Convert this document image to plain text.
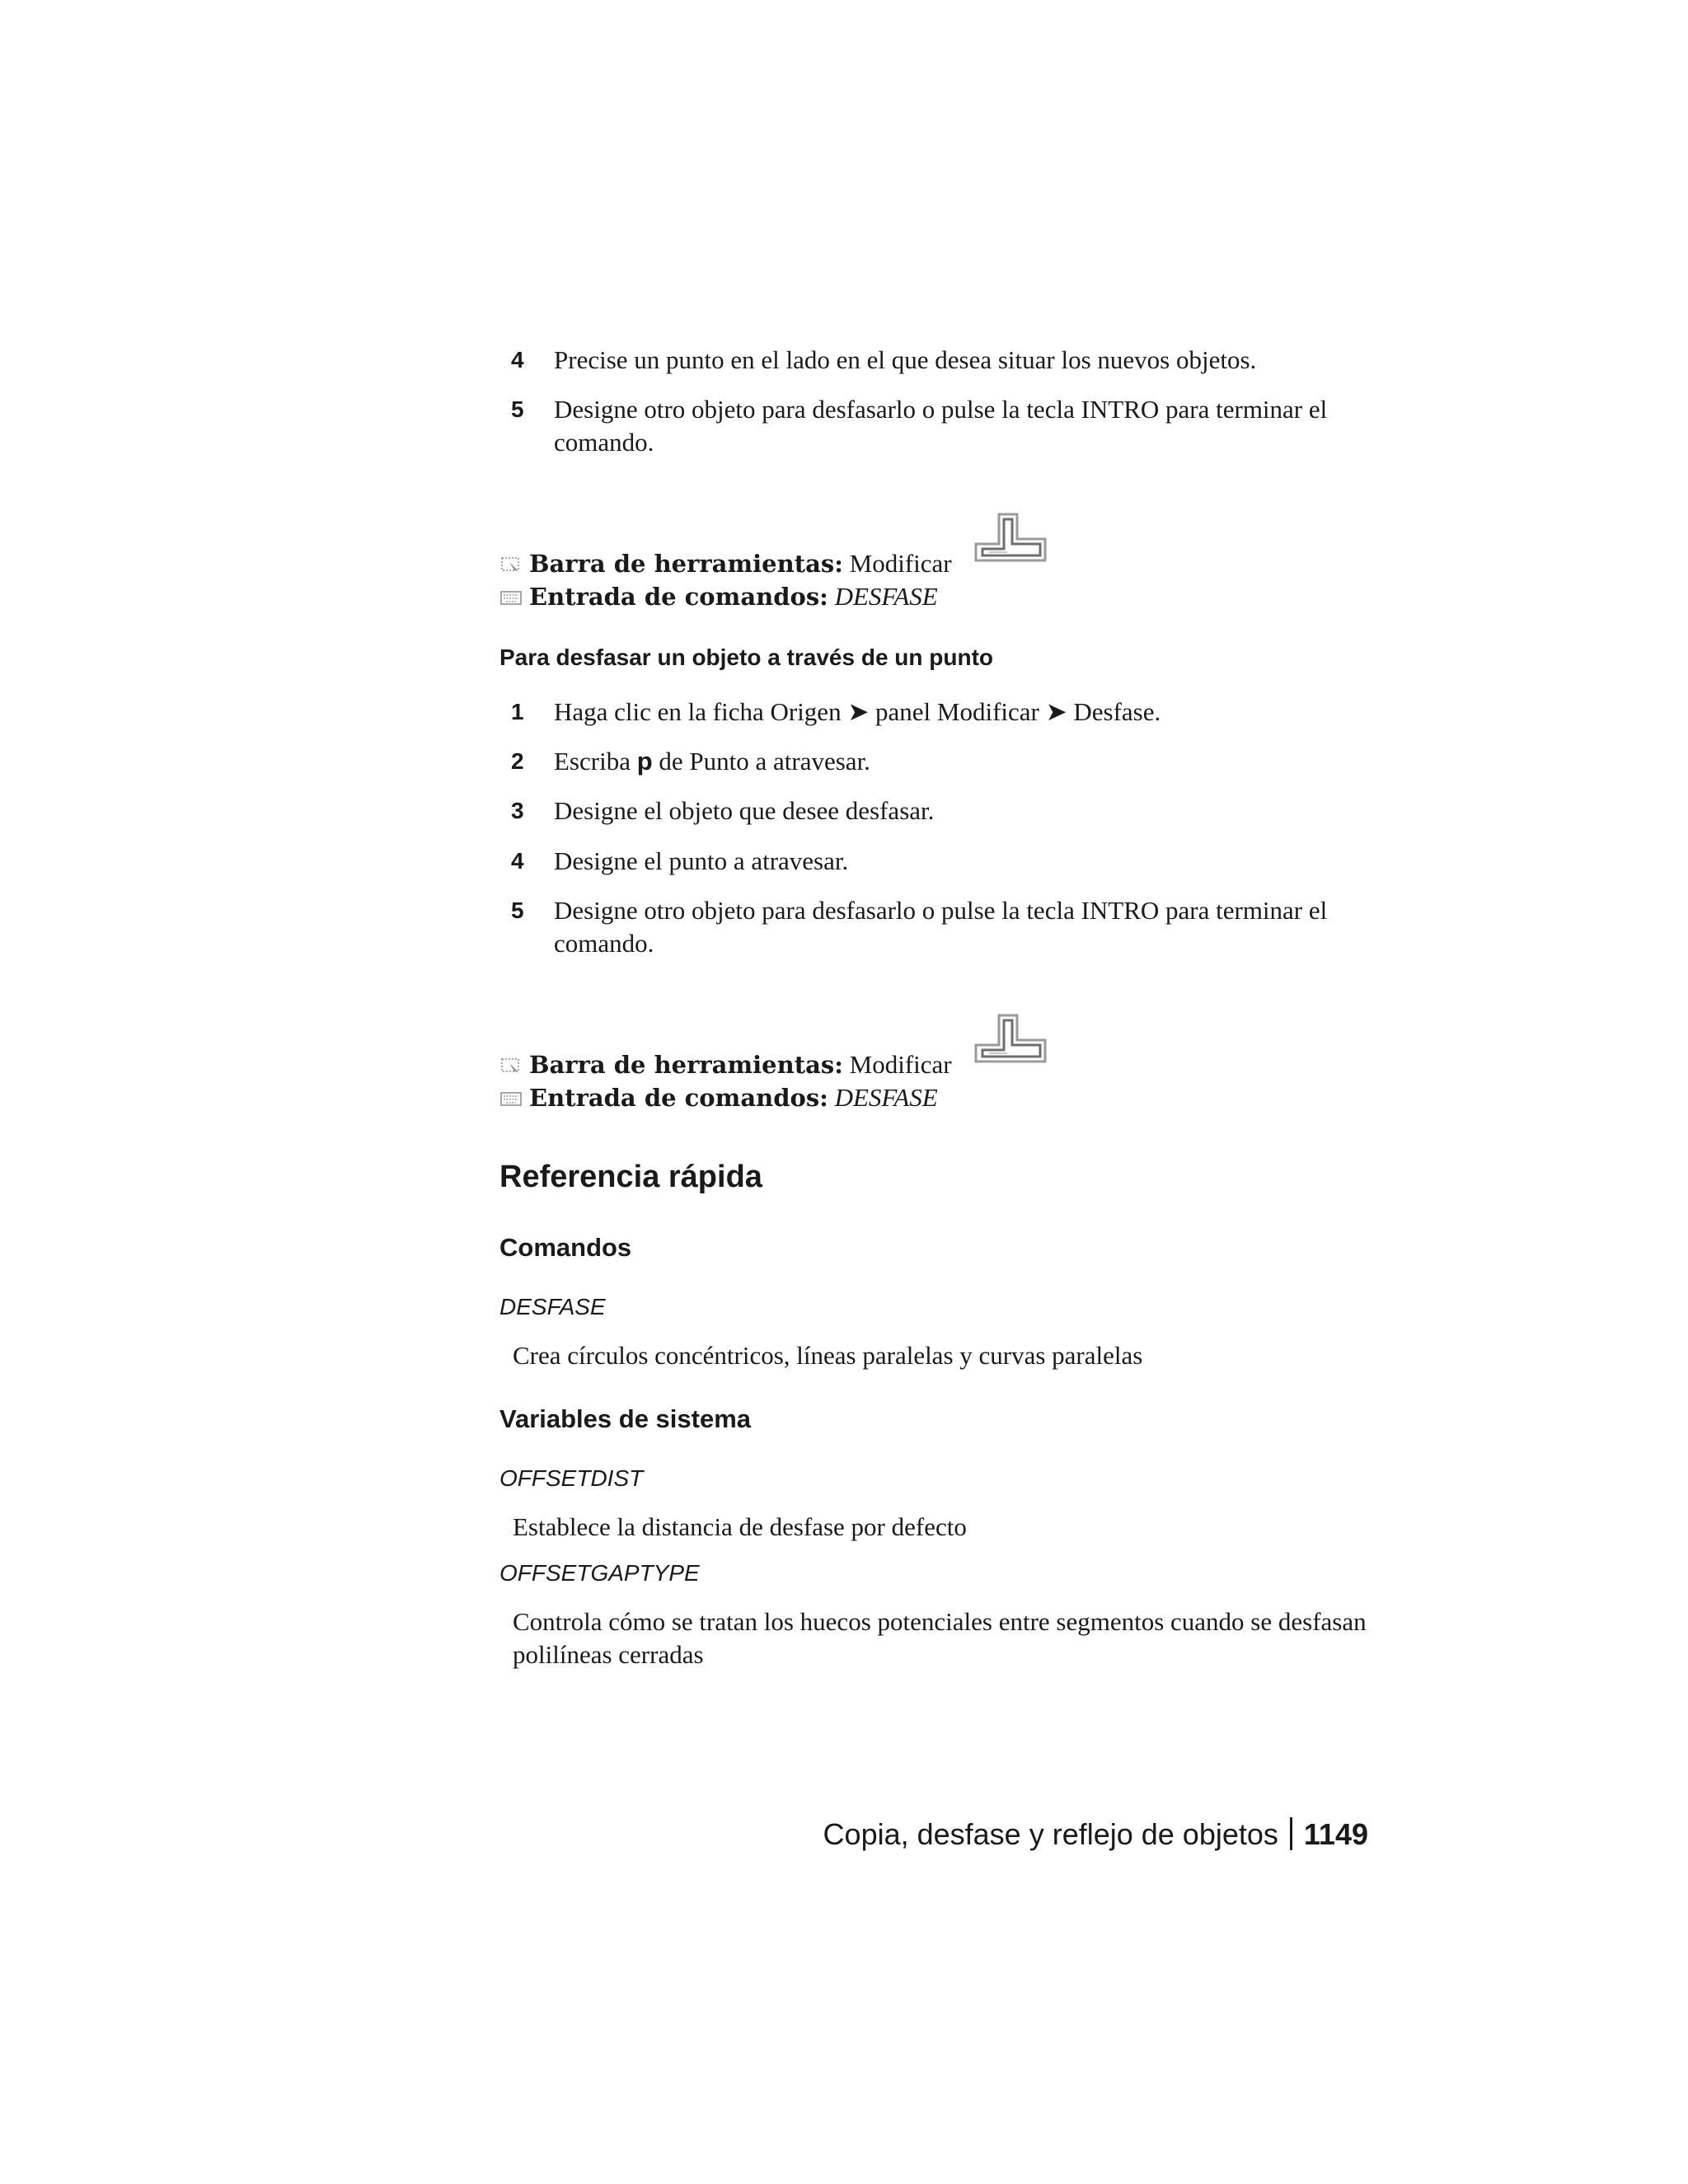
4	Precise un punto en el lado en el que desea situar los nuevos objetos.
5	Designe otro objeto para desfasarlo o pulse la tecla INTRO para terminar el comando.
Barra de herramientas: Modificar
Entrada de comandos: DESFASE
Para desfasar un objeto a través de un punto
1	Haga clic en la ficha Origen ➤ panel Modificar ➤ Desfase.
2	Escriba p de Punto a atravesar.
3	Designe el objeto que desee desfasar.
4	Designe el punto a atravesar.
5	Designe otro objeto para desfasarlo o pulse la tecla INTRO para terminar el comando.
Barra de herramientas: Modificar
Entrada de comandos: DESFASE
Referencia rápida
Comandos
DESFASE
Crea círculos concéntricos, líneas paralelas y curvas paralelas
Variables de sistema
OFFSETDIST
Establece la distancia de desfase por defecto
OFFSETGAPTYPE
Controla cómo se tratan los huecos potenciales entre segmentos cuando se desfasan polilíneas cerradas
Copia, desfase y reflejo de objetos 1149
